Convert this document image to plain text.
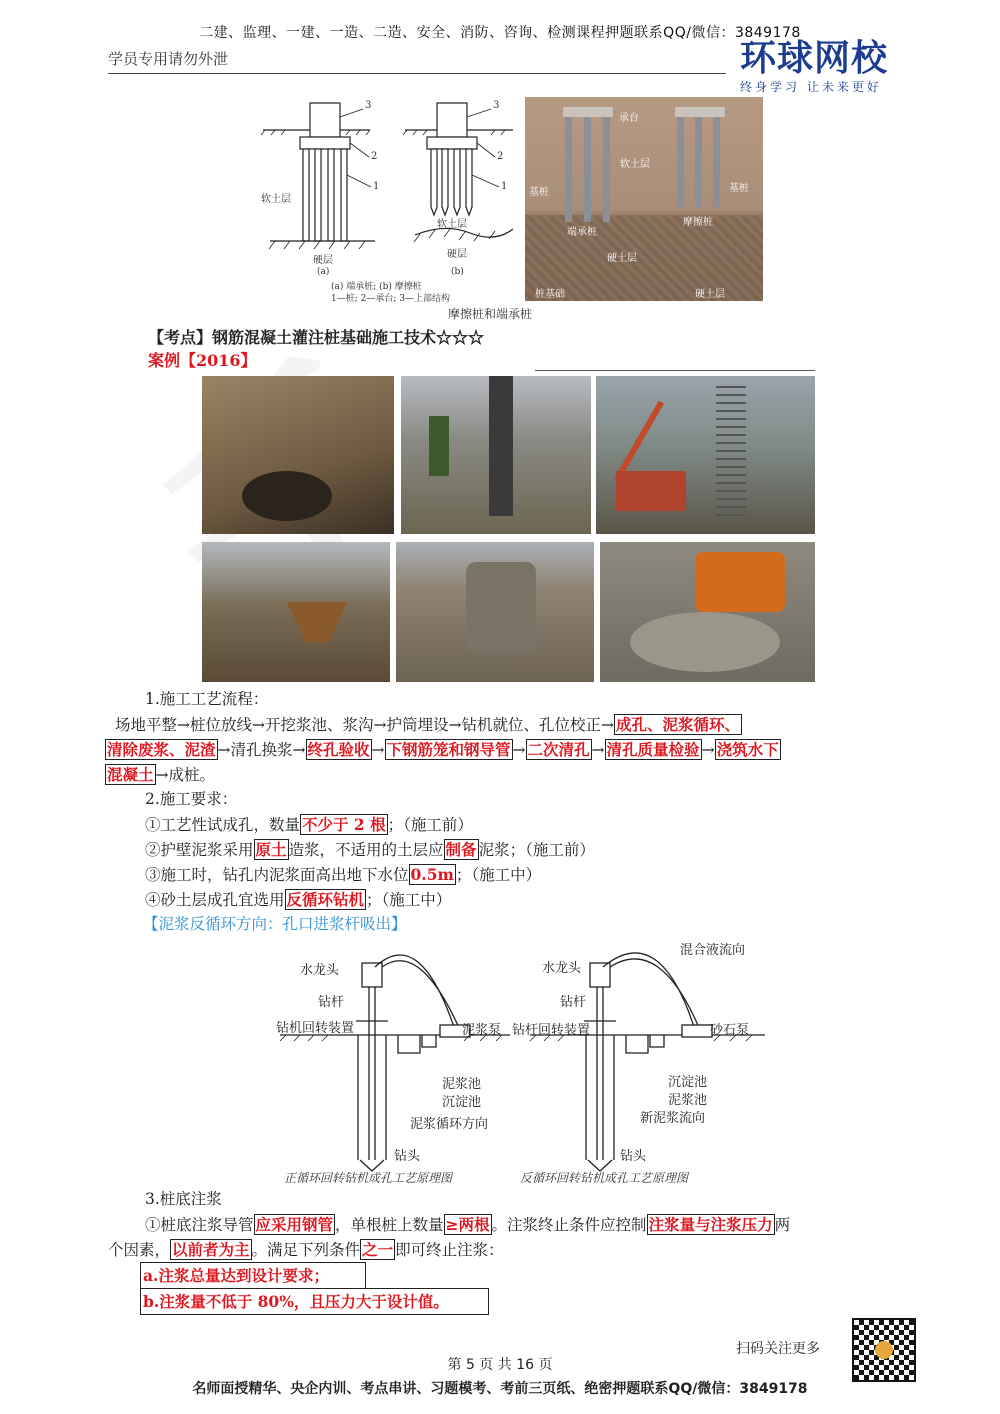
二建、监理、一建、一造、二造、安全、消防、咨询、检测课程押题联系QQ/微信：3849178
学员专用请勿外泄	环球网校
终身学习 让未来更好
3
2
1
软土层
硬层
3
2
1
软土层
硬层
(a)	(b)
(a) 端承桩; (b) 摩擦桩
1—桩; 2—承台; 3—上部结构
承台
软土层
基桩	基桩
端承桩
摩擦桩
硬土层
硬土层
桩基础
摩擦桩和端承桩
【考点】钢筋混凝土灌注桩基础施工技术☆☆☆
案例【2016】
1.施工工艺流程：
场地平整→桩位放线→开挖浆池、浆沟→护筒埋设→钻机就位、孔位校正→ 成孔、泥浆循环、
清除废浆、泥渣 →清孔换浆→ 终孔验收 → 下钢筋笼和钢导管 → 二次清孔 → 清孔质量检验 → 浇筑水下
混凝土 →成桩。
2.施工要求：
①工艺性试成孔，数量 不少于 2 根 ；（施工前）
②护壁泥浆采用 原土 造浆，不适用的土层应 制备 泥浆；（施工前）
③施工时，钻孔内泥浆面高出地下水位 0.5m ；（施工中）
④砂土层成孔宜选用 反循环钻机 ；（施工中）
【泥浆反循环方向：孔口进浆杆吸出】
水龙头
钻杆
钻机回转装置	泥浆泵
泥浆池
沉淀池
泥浆循环方向
钻头
水龙头
混合液流向
钻杆
钻杆回转装置	砂石泵
沉淀池
泥浆池
新泥浆流向
钻头
正循环回转钻机成孔工艺原理图	反循环回转钻机成孔工艺原理图
3.桩底注浆
①桩底注浆导管 应采用钢管 ，单根桩上数量 ≥两根 。注浆终止条件应控制 注浆量与注浆压力 两
个因素， 以前者为主 。满足下列条件 之一 即可终止注浆：
a.注浆总量达到设计要求；
b.注浆量不低于 80%，且压力大于设计值。
扫码关注更多
第 5 页 共 16 页
名师面授精华、央企内训、考点串讲、习题模考、考前三页纸、绝密押题联系QQ/微信：3849178
